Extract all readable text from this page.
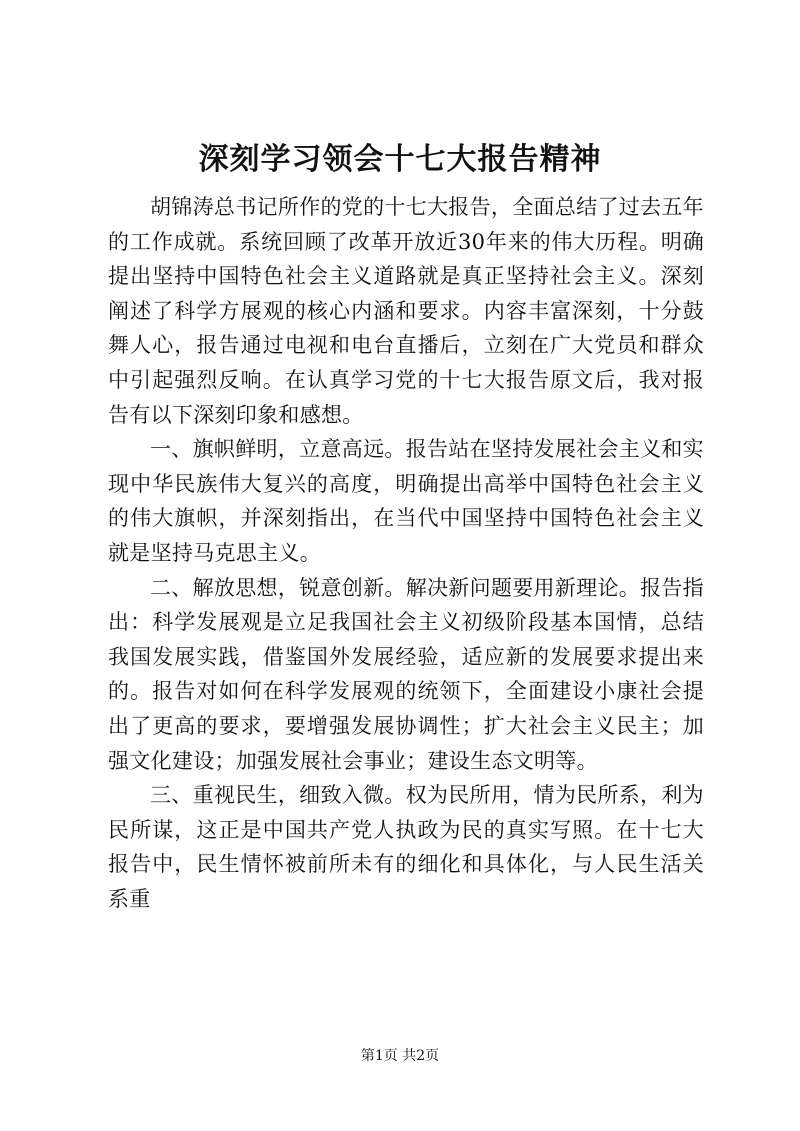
深刻学习领会十七大报告精神

胡锦涛总书记所作的党的十七大报告，全面总结了过去五年的工作成就。系统回顾了改革开放近30年来的伟大历程。明确提出坚持中国特色社会主义道路就是真正坚持社会主义。深刻阐述了科学方展观的核心内涵和要求。内容丰富深刻，十分鼓舞人心，报告通过电视和电台直播后，立刻在广大党员和群众中引起强烈反响。在认真学习党的十七大报告原文后，我对报告有以下深刻印象和感想。

一、旗帜鲜明，立意高远。报告站在坚持发展社会主义和实现中华民族伟大复兴的高度，明确提出高举中国特色社会主义的伟大旗帜，并深刻指出，在当代中国坚持中国特色社会主义就是坚持马克思主义。

二、解放思想，锐意创新。解决新问题要用新理论。报告指出：科学发展观是立足我国社会主义初级阶段基本国情，总结我国发展实践，借鉴国外发展经验，适应新的发展要求提出来的。报告对如何在科学发展观的统领下，全面建设小康社会提出了更高的要求，要增强发展协调性；扩大社会主义民主；加强文化建设；加强发展社会事业；建设生态文明等。

三、重视民生，细致入微。权为民所用，情为民所系，利为民所谋，这正是中国共产党人执政为民的真实写照。在十七大报告中，民生情怀被前所未有的细化和具体化，与人民生活关系重

第1页 共2页
